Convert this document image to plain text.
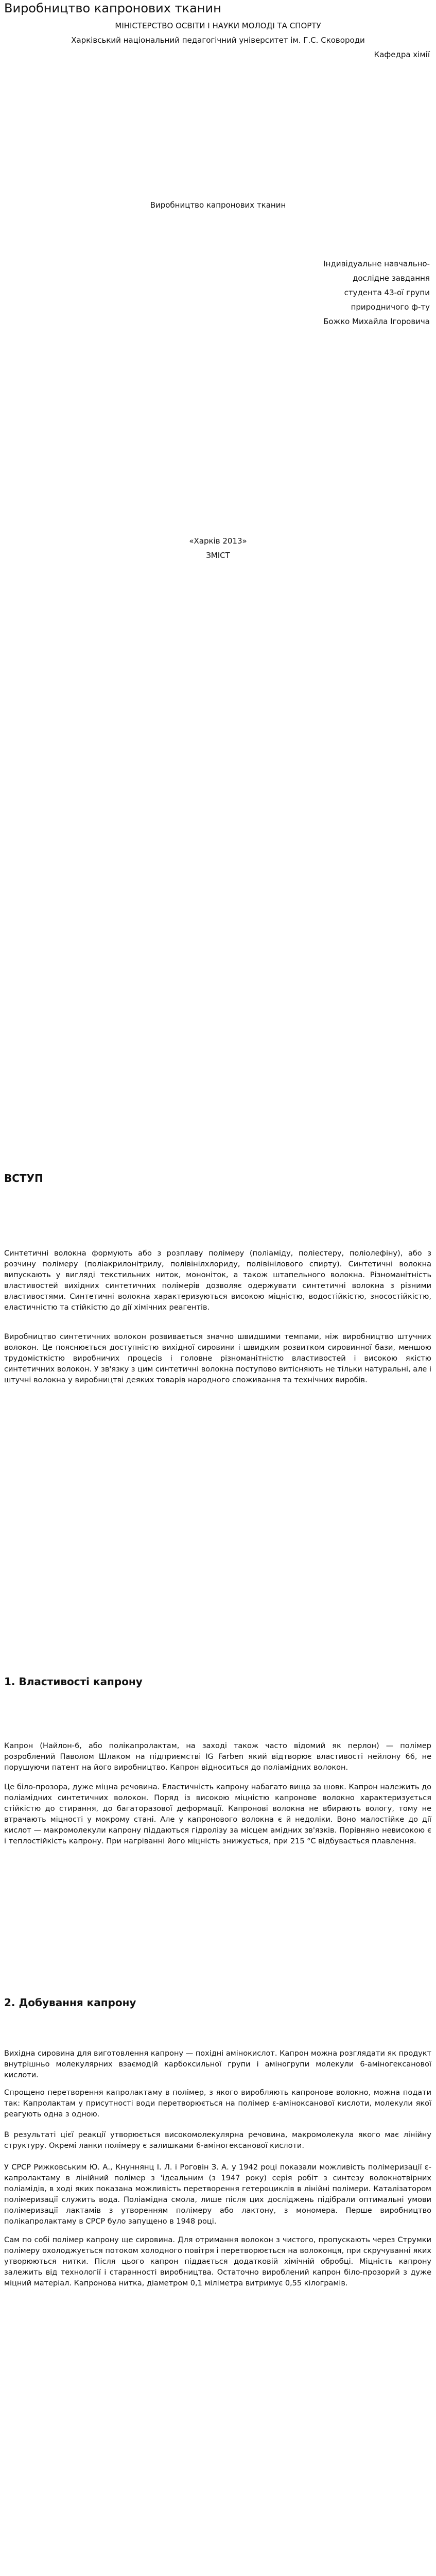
Виробництво капронових тканин
МІНІСТЕРСТВО ОСВІТИ І НАУКИ МОЛОДІ ТА СПОРТУ
Харківський національний педагогічний університет ім. Г.С. Сковороди
Кафедра хімії
Виробництво капронових тканин
Індивідуальне навчально-
дослідне завдання
студента 43-ої групи
природничого ф-ту
Божко Михайла Ігоровича
«Харків 2013»
ЗМІСТ
ВСТУП

Синтетичні волокна формують або з розплаву полімеру (поліаміду, поліестеру, поліолефіну), або з розчину полімеру (поліакрилонітрилу, полівінілхлориду, полівінілового спирту). Синтетичні волокна випускають у вигляді текстильних ниток, мононіток, а також штапельного волокна. Різноманітність властивостей вихідних синтетичних полімерів дозволяє одержувати синтетичні волокна з різними властивостями. Синтетичні волокна характеризуються високою міцністю, водостійкістю, зносостійкістю, еластичністю та стійкістю до дії хімічних реагентів.

Виробництво синтетичних волокон розвивається значно швидшими темпами, ніж виробництво штучних волокон. Це пояснюється доступністю вихідної сировини і швидким розвитком сировинної бази, меншою трудомісткістю виробничих процесів і головне різноманітністю властивостей і високою якістю синтетичних волокон. У зв'язку з цим синтетичні волокна поступово витісняють не тільки натуральні, але і штучні волокна у виробництві деяких товарів народного споживання та технічних виробів.

1. Властивості капрону

Капрон (Найлон-6, або полікапролактам, на заході також часто відомий як перлон) — полімер розроблений Паволом Шлаком на підприємстві IG Farben який відтворює властивості нейлону 66, не порушуючи патент на його виробництво. Капрон відноситься до поліамідних волокон.

Це біло-прозора, дуже міцна речовина. Еластичність капрону набагато вища за шовк. Капрон належить до поліамідних синтетичних волокон. Поряд із високою міцністю капронове волокно характеризується стійкістю до стирання, до багаторазової деформації. Капронові волокна не вбирають вологу, тому не втрачають міцності у мокрому стані. Але у капронового волокна є й недоліки. Воно малостійке до дії кислот — макромолекули капрону піддаються гідролізу за місцем амідних зв'язків. Порівняно невисокою є і теплостійкість капрону. При нагріванні його міцність знижується, при 215 °C відбувається плавлення.

2. Добування капрону

Вихідна сировина для виготовлення капрону — похідні амінокислот. Капрон можна розглядати як продукт внутрішньо молекулярних взаємодій карбоксильної групи і аміногрупи молекули 6-аміногексанової кислоти.

Спрощено перетворення капролактаму в полімер, з якого виробляють капронове волокно, можна подати так: Капролактам у присутності води перетворюється на полімер ε-аміноксанової кислоти, молекули якої реагують одна з одною.

В результаті цієї реакції утворюється високомолекулярна речовина, макромолекула якого має лінійну структуру. Окремі ланки полімеру є залишками 6-аміногексанової кислоти.

У СРСР Рижковським Ю. А., Кнуннянц І. Л. і Роговін З. А. у 1942 році показали можливість полімеризації ε-капролактаму в лінійний полімер з 'ідеальним (з 1947 року) серія робіт з синтезу волокнотвірних поліамідів, в ході яких показана можливість перетворення гетероциклів в лінійні полімери. Каталізатором полімеризації служить вода. Поліамідна смола, лише після цих досліджень підібрали оптимальні умови полімеризації лактамів з утворенням полімеру або лактону, з мономера. Перше виробництво полікапролактаму в СРСР було запущено в 1948 році.

Сам по собі полімер капрону ще сировина. Для отримання волокон з чистого, пропускають через Струмки полімеру охолоджується потоком холодного повітря і перетворюється на волоконця, при скручуванні яких утворюються нитки. Після цього капрон піддається додатковій хімічній обробці. Міцність капрону залежить від технології і старанності виробництва. Остаточно вироблений капрон біло-прозорий з дуже міцний матеріал. Капронова нитка, діаметром 0,1 міліметра витримує 0,55 кілограмів.
